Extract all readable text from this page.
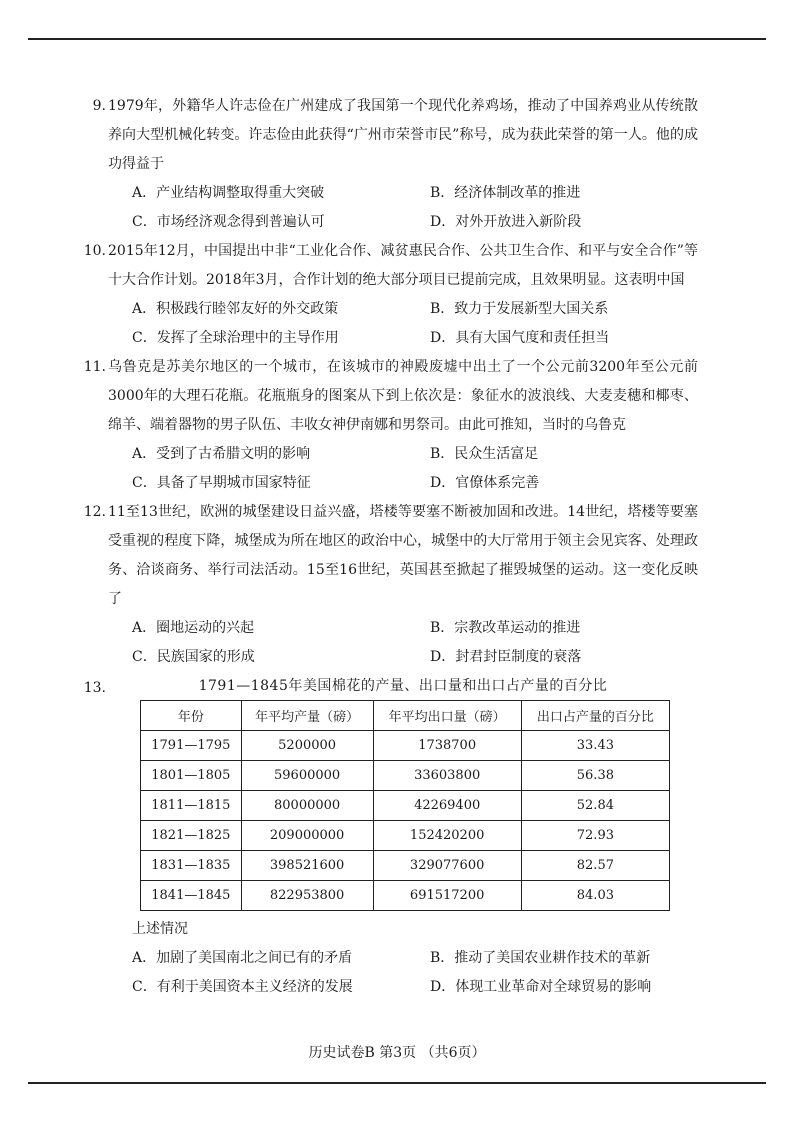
9. 1979年，外籍华人许志俭在广州建成了我国第一个现代化养鸡场，推动了中国养鸡业从传统散养向大型机械化转变。许志俭由此获得“广州市荣誉市民”称号，成为获此荣誉的第一人。他的成功得益于
A．产业结构调整取得重大突破	B．经济体制改革的推进
C．市场经济观念得到普遍认可	D．对外开放进入新阶段
10. 2015年12月，中国提出中非“工业化合作、减贫惠民合作、公共卫生合作、和平与安全合作”等十大合作计划。2018年3月，合作计划的绝大部分项目已提前完成，且效果明显。这表明中国
A．积极践行睦邻友好的外交政策	B．致力于发展新型大国关系
C．发挥了全球治理中的主导作用	D．具有大国气度和责任担当
11. 乌鲁克是苏美尔地区的一个城市，在该城市的神殿废墟中出土了一个公元前3200年至公元前3000年的大理石花瓶。花瓶瓶身的图案从下到上依次是：象征水的波浪线、大麦麦穗和椰枣、绵羊、端着器物的男子队伍、丰收女神伊南娜和男祭司。由此可推知，当时的乌鲁克
A．受到了古希腊文明的影响	B．民众生活富足
C．具备了早期城市国家特征	D．官僚体系完善
12. 11至13世纪，欧洲的城堡建设日益兴盛，塔楼等要塞不断被加固和改进。14世纪，塔楼等要塞受重视的程度下降，城堡成为所在地区的政治中心，城堡中的大厅常用于领主会见宾客、处理政务、洽谈商务、举行司法活动。15至16世纪，英国甚至掀起了摧毁城堡的运动。这一变化反映了
A．圈地运动的兴起	B．宗教改革运动的推进
C．民族国家的形成	D．封君封臣制度的衰落
13.	1791—1845年美国棉花的产量、出口量和出口占产量的百分比
年份	年平均产量（磅）	年平均出口量（磅）	出口占产量的百分比
1791—1795	5200000	1738700	33.43
1801—1805	59600000	33603800	56.38
1811—1815	80000000	42269400	52.84
1821—1825	209000000	152420200	72.93
1831—1835	398521600	329077600	82.57
1841—1845	822953800	691517200	84.03
上述情况
A．加剧了美国南北之间已有的矛盾	B．推动了美国农业耕作技术的革新
C．有利于美国资本主义经济的发展	D．体现工业革命对全球贸易的影响
历史试卷B 第3页 （共6页）
